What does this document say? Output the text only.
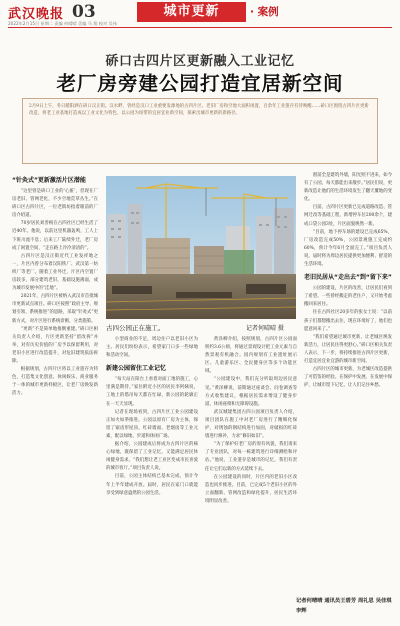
武汉晚报 03	城市更新	· 案例
2022年2月15日 星期二 责编 何晴晴 美编 马 翔 校对 吴伟
硚口古四片区更新融入工业记忆
老厂房旁建公园打造宜居新空间

2月9日上午，冬日暖阳洒在硚口汉正街。汉水畔，曾经是汉口工业重要发源地的古四片区。老旧厂房和空地大面积闲置，百余年工业遗存有待唤醒……硚口区围绕古四片区更新改造，将老工业基地打造成以工业文化为特色、以公园为纽带的宜居宜业新空间，探索出城市更新的新路径。

“针灸式”更新激活片区潜能

“这里曾是硚口工业的‘心脏’，但现在厂房老旧、管网老化，不少空地荒草丛生。”在硚口区古四片区，一位老街坊指着眼前的厂房介绍道。

70岁居民刘善根在古四社区已经生活了近40年。他说，以前这里机器轰鸣，工人上下班川流不息；后来工厂陆续外迁，老厂房成了闲置空间，“走在路上冷冷清清的”。

古四片区是汉正街近代工业发祥地之一，片区内曾分布着汉阳铁厂、武汉第一纺织厂等老厂。随着工业外迁，片区内空置厂房较多，部分建筑老旧，基础设施薄弱，成为城市发展中的“洼地”。

2021年，古四片区被纳入武汉市首批城市更新试点项目。硚口区按照“政府主导、规划引领、系统推进”的思路，采取“针灸式”更新方式，对片区进行系统诊断，分类施策。

“更新”不是简单地推倒重建。”硚口区相关负责人介绍，片区更新坚持“留改拆”并举，对有历史价值的厂房予以保留利用，对老旧小区进行改造提升，对危旧建筑依法拆除。

根据规划，古四片区将以工业遗存为特色，打造集文化创意、休闲娱乐、商业服务于一体的城市更新样板区，让老厂房焕发新活力。

小型商业的不足，周边住户以老旧小区为主。居民们纷纷表示，希望家门口多一些绿地和活动空间。

新建公园留住工业记忆

“每天站在阳台上看着对面工地的施工，心里满是期待。”家住附近小区的居民李阿姨说，工地上的塔吊每天都在忙碌，新公园的轮廓正在一天天显现。

记者在现场看到，古四片区工业公园建设正如火如荼推进。公园以原有厂房为主体，保留了锯齿形屋顶、红砖墙面、老烟囱等工业元素，配以绿地、步道和休闲广场。

据介绍，公园建成后将成为古四片区的核心绿地，既保留了工业记忆，又能满足居民休闲健身需求。“我们想让老工业区变成市民喜爱的城市客厅。”项目负责人说。

目前，公园主体结构已基本完成，预计今年上半年建成开放。届时，居民在家门口就能享受到绿意盎然的公园生活。

黄泽柳介绍，按照规划，古四片区公园面积约3.6公顷，将通过景观设计把工业元素与自然景观有机融合。园内规划有工业遗址展示区、儿童游乐区、全民健身区等多个功能区域。

“公园建设中，我们充分听取周边居民意见。”黄泽柳说，前期通过座谈会、问卷调查等方式收集建议，根据居民需求增设了健身步道、休闲座椅和无障碍设施。

武汉城建集团古四公园项目负责人介绍，项目团队在施工中对老厂房进行了精细化保护，对锈蚀的钢结构进行加固，对破损的红砖墙进行修补，力求“修旧如旧”。

“为了保护好老厂房的原有风貌，我们请来了专业团队，对每一栋建筑进行详细测绘和评估。”他说，工业遗存是城市的记忆，我们有责任让它们以新的方式延续下去。

在公园建设的同时，片区内的老旧小区改造也同步推进。目前，已完成5个老旧小区的外立面翻新、管网改造和绿化提升，居民生活环境明显改善。

窗前全是建筑外墙，阳光照不进来，如今有了公园，每天都能出来散步。”居民们说，更新改造让他们的生活环境发生了翻天覆地的变化。

目前，古四片区更新已完成道路改造、管网迁改等基础工程，新增停车位200余个，建成口袋公园3处，片区面貌焕然一新。

“目前，地下停车场的建设已完成65%，厂房改造完成50%，公园景观施工完成约60%，预计今年6月全面完工。”项目负责人说，届时将为周边居民提供更加便利、舒适的生活环境。

老旧民居从“走出去”到“留下来”

公园的建设，片区的改善，让居民们看到了希望。一些曾经搬走的老住户，又开始考虑搬回来居住。

住在古四社区20多年的张女士说：“以前孩子们都想搬出去住，现在环境好了，他们也愿意回来了。”

“我们希望通过城市更新，让老城区焕发新活力，让居民住得更舒心。”硚口区相关负责人表示，下一步，将持续推进古四片区更新，打造宜居宜业宜游的城市新空间。

古四片区的城市更新，为老城区改造提供了可借鉴的经验。在保护中发展、在发展中保护，让城市留下记忆，让人们记住乡愁。

古四公园正在施工。	记者何晴晴 摄
记者何晴晴 通讯员王碧芳 周礼思 吴佳琪 李辉
